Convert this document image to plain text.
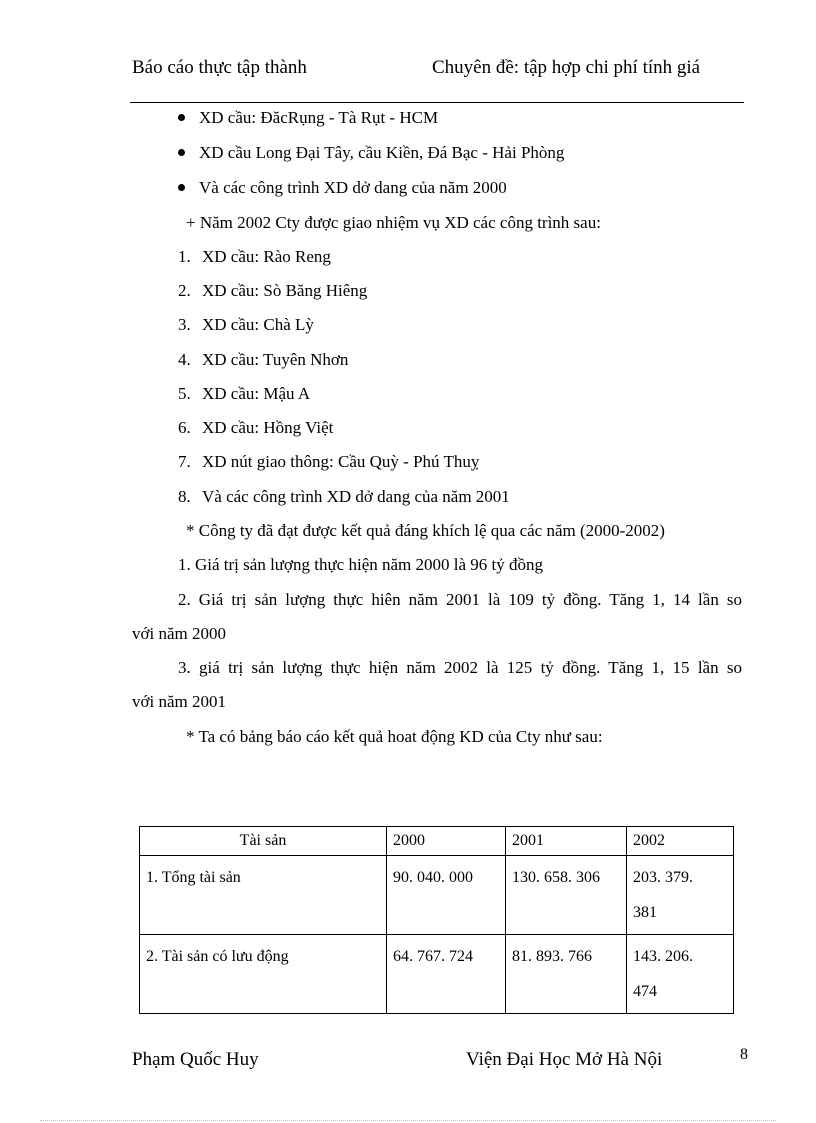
Báo cáo thực tập thành	Chuyên đề: tập hợp chi phí tính giá
XD cầu: ĐăcRụng - Tà Rụt - HCM
XD cầu Long Đại Tây, cầu Kiền, Đá Bạc - Hải Phòng
Và các công trình XD dở dang của năm 2000
+ Năm 2002 Cty được giao nhiệm vụ XD các công trình sau:
1. XD cầu: Rào Reng
2. XD cầu: Sò Băng Hiêng
3. XD cầu: Chà Lỳ
4. XD cầu: Tuyên Nhơn
5. XD cầu: Mậu A
6. XD cầu: Hồng Việt
7. XD nút giao thông: Cầu Quỳ - Phú Thuỵ
8. Và các công trình XD dở dang của năm 2001
* Công ty đã đạt được kết quả đáng khích lệ qua các năm (2000-2002)
1. Giá trị sản lượng thực hiện năm 2000 là 96 tỷ đồng
2. Giá trị sản lượng thực hiên năm 2001 là 109 tỷ đồng. Tăng 1, 14 lần so
với năm 2000
3. giá trị sản lượng thực hiện năm 2002 là 125 tỷ đồng. Tăng 1, 15 lần so
với năm 2001
* Ta có bảng báo cáo kết quả hoat động KD của Cty như sau:
Tài sản	2000	2001	2002
1. Tổng tài sản	90. 040. 000	130. 658. 306	203. 379.
381

2. Tài sản có lưu động	64. 767. 724	81. 893. 766	143. 206.
474
Phạm Quốc Huy	Viện Đại Học Mở Hà Nội	8
